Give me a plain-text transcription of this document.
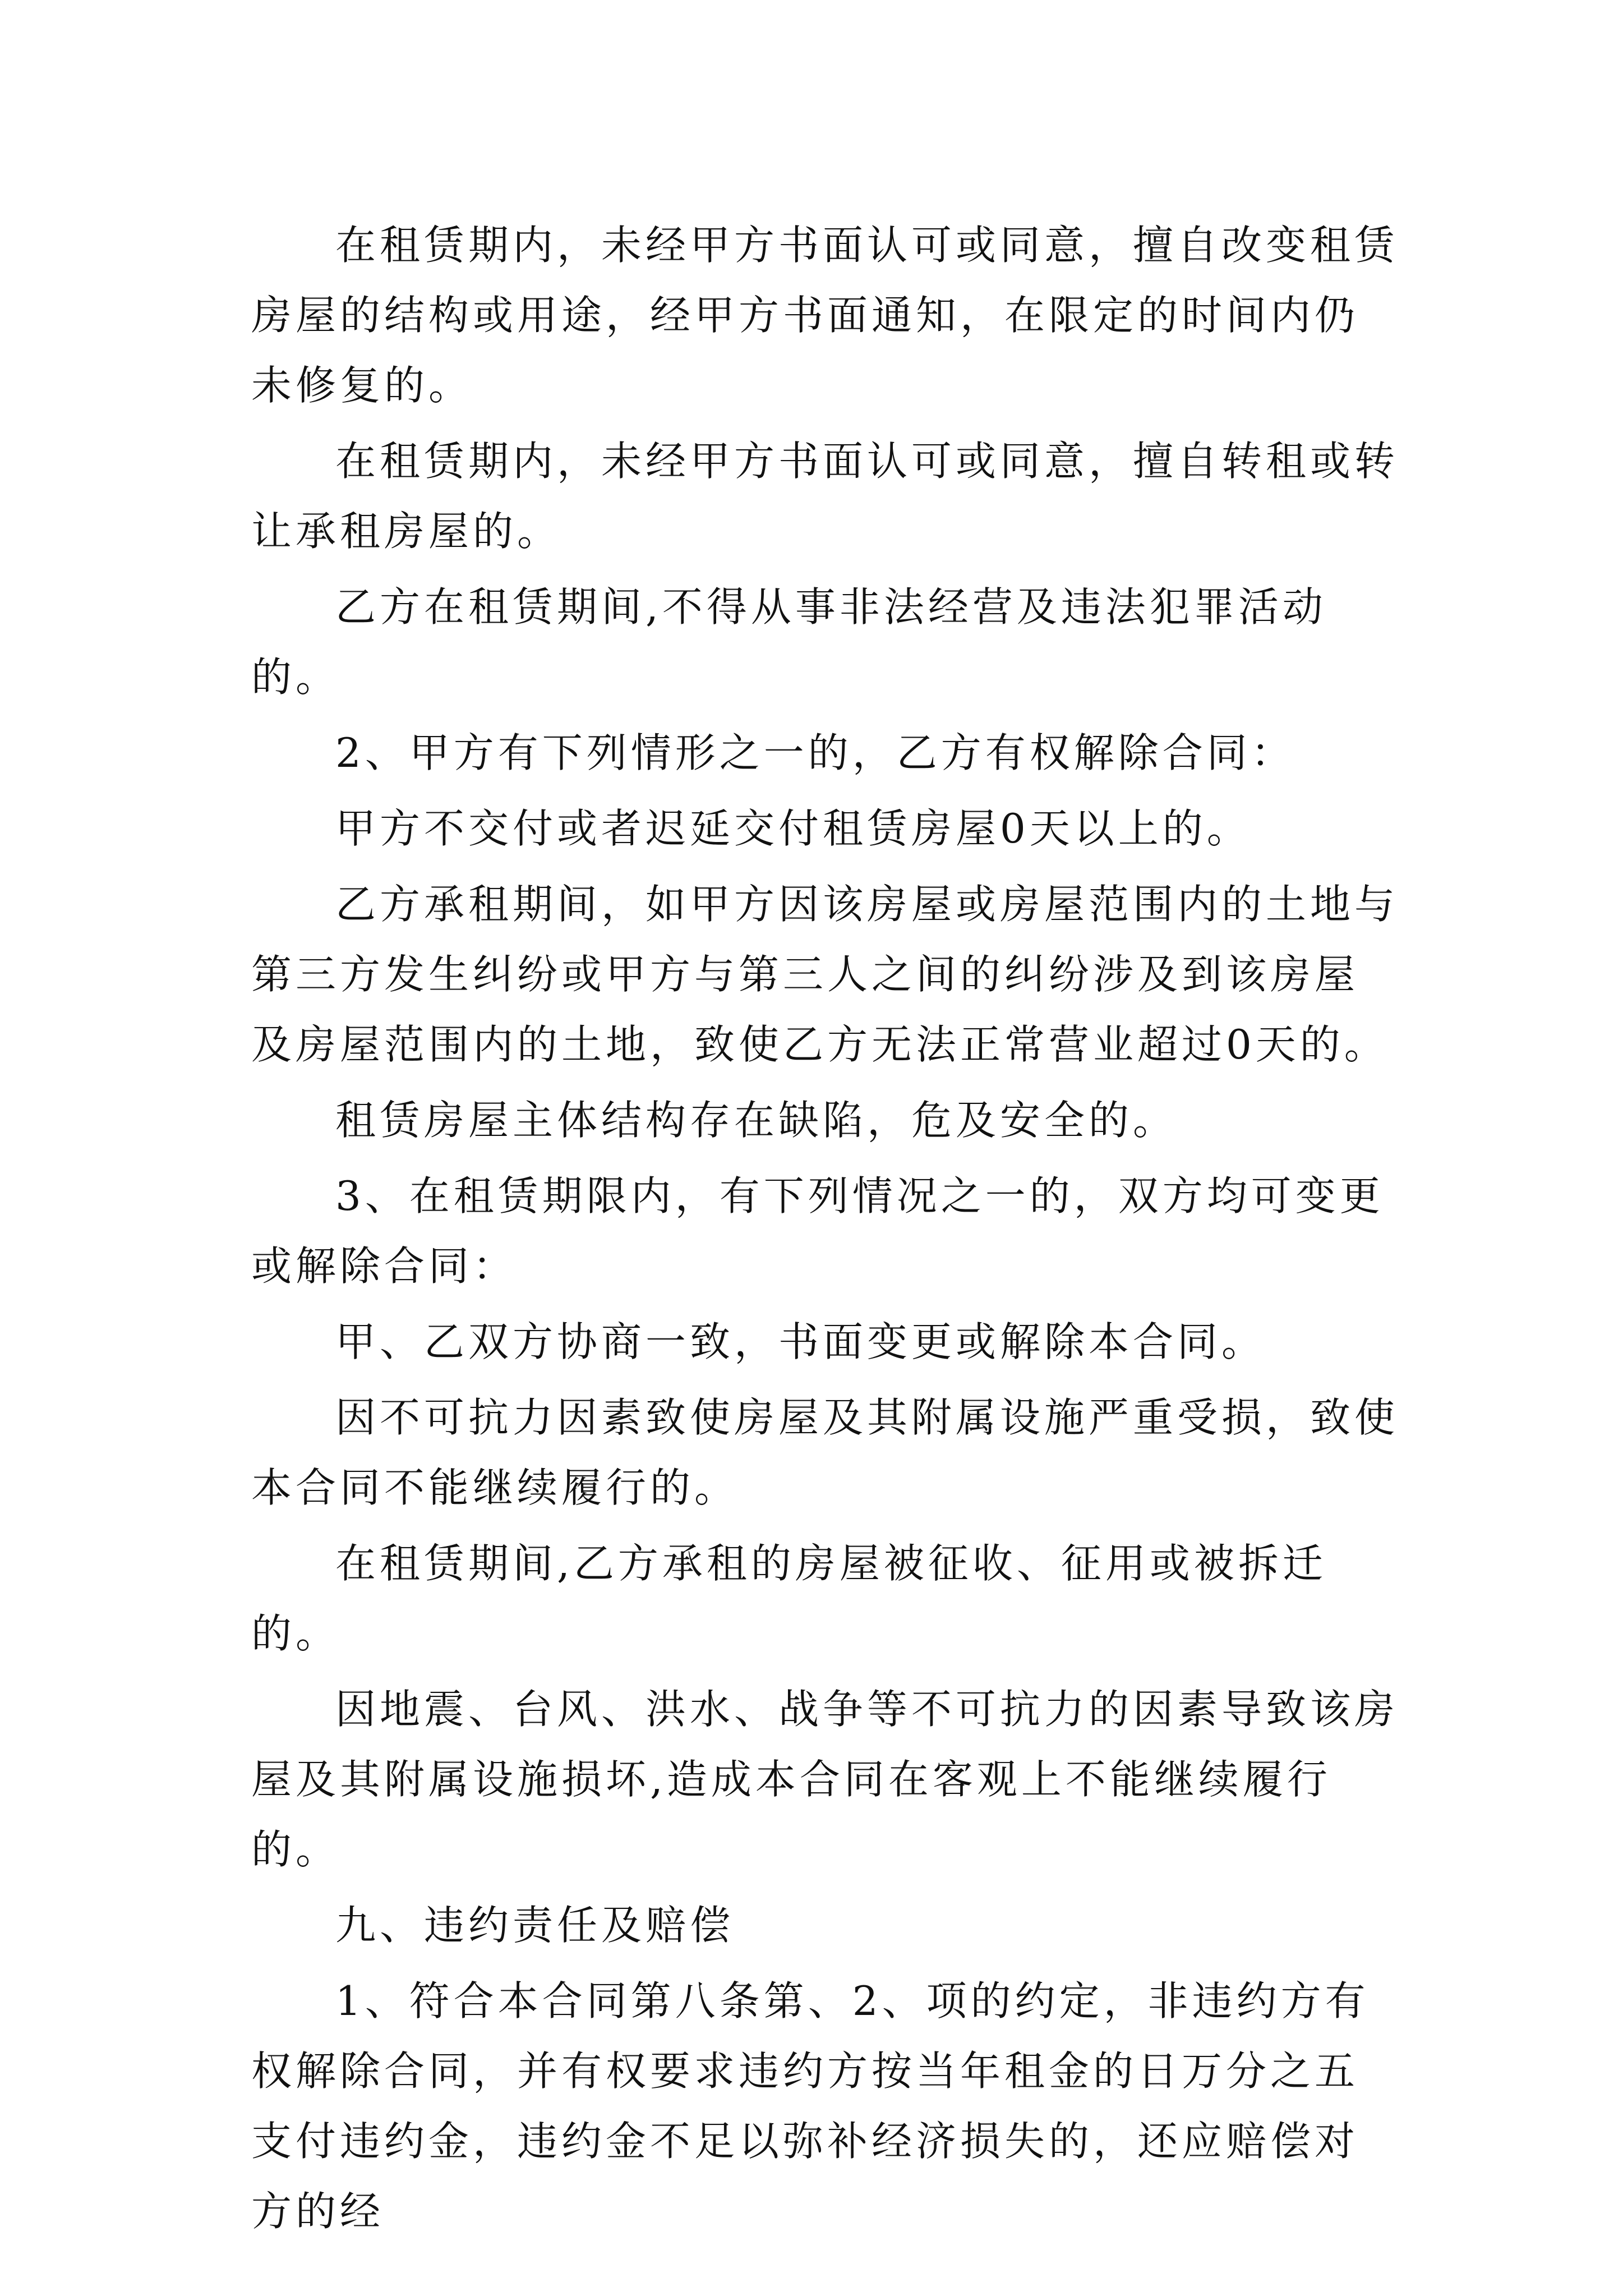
在租赁期内，未经甲方书面认可或同意，擅自改变租赁房屋的结构或用途，经甲方书面通知，在限定的时间内仍未修复的。

在租赁期内，未经甲方书面认可或同意，擅自转租或转让承租房屋的。

乙方在租赁期间,不得从事非法经营及违法犯罪活动的。

2、甲方有下列情形之一的，乙方有权解除合同：

甲方不交付或者迟延交付租赁房屋0天以上的。

乙方承租期间，如甲方因该房屋或房屋范围内的土地与第三方发生纠纷或甲方与第三人之间的纠纷涉及到该房屋及房屋范围内的土地，致使乙方无法正常营业超过0天的。

租赁房屋主体结构存在缺陷，危及安全的。

3、在租赁期限内，有下列情况之一的，双方均可变更或解除合同：

甲、乙双方协商一致，书面变更或解除本合同。

因不可抗力因素致使房屋及其附属设施严重受损，致使本合同不能继续履行的。

在租赁期间,乙方承租的房屋被征收、征用或被拆迁的。

因地震、台风、洪水、战争等不可抗力的因素导致该房屋及其附属设施损坏,造成本合同在客观上不能继续履行的。

九、违约责任及赔偿

1、符合本合同第八条第、2、项的约定，非违约方有权解除合同，并有权要求违约方按当年租金的日万分之五支付违约金，违约金不足以弥补经济损失的，还应赔偿对方的经
